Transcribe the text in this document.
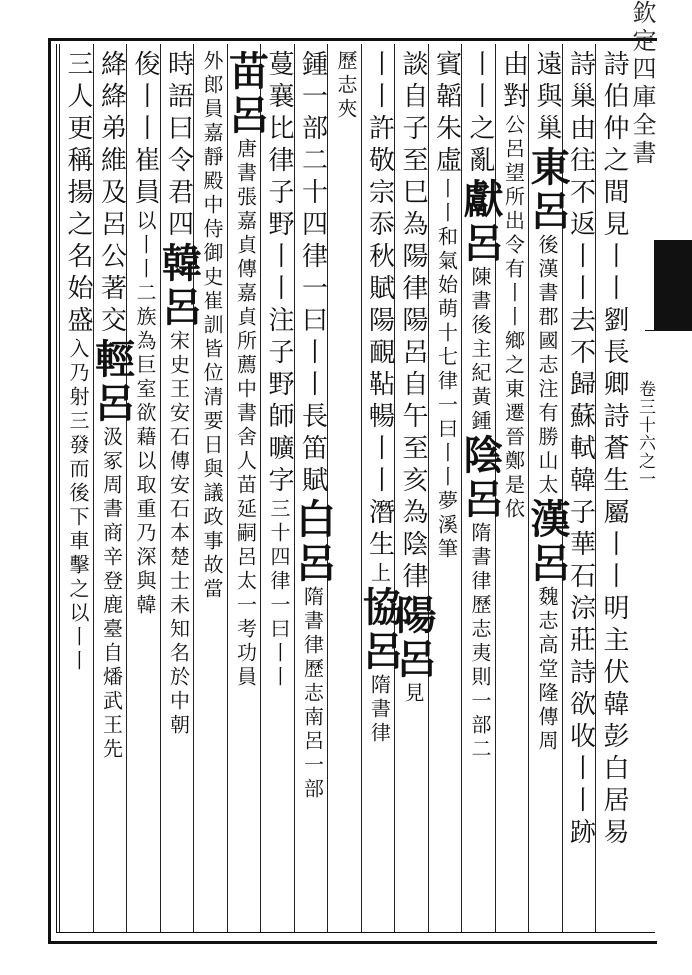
欽定四庫全書
卷三十六之一
詩伯仲之間見丨丨劉長卿詩蒼生屬丨丨明主伏韓彭白居易
詩巢由往不返丨丨去不歸蘇軾韓子華石淙莊詩欲收丨丨跡
遠與巢東呂後漢書郡國志注有勝山太漢呂魏志高堂隆傳周
由對公呂望所出令有丨丨鄉之東遷晉鄭是依
丨丨之亂獻呂陳書後主紀黃鍾陰呂隋書律歷志夷則一部二
賓韜朱虛丨丨和氣始萌十七律一曰丨丨夢溪筆
談自子至巳為陽律陽呂自午至亥為陰律陽呂見
丨丨許敬宗忝秋賦陽靦䩞暢丨丨潛生上協呂隋書律
歷志夾
鍾一部二十四律一曰丨丨長笛賦白呂隋書律歷志南呂一部
蔓襄比律子野丨丨注子野師曠字三十四律一曰丨丨
苗呂唐書張嘉貞傳嘉貞所薦中書舍人苗延嗣呂太一考功員
外郎員嘉靜殿中侍御史崔訓皆位清要日與議政事故當
時語曰令君四韓呂宋史王安石傳安石本楚士未知名於中朝
俊丨丨崔員以丨丨二族為巨室欲藉以取重乃深與韓
絳絳弟維及呂公著交輕呂汲冢周書商辛登鹿臺自燔武王先
三人更稱揚之名始盛入乃射三發而後下車擊之以丨丨
